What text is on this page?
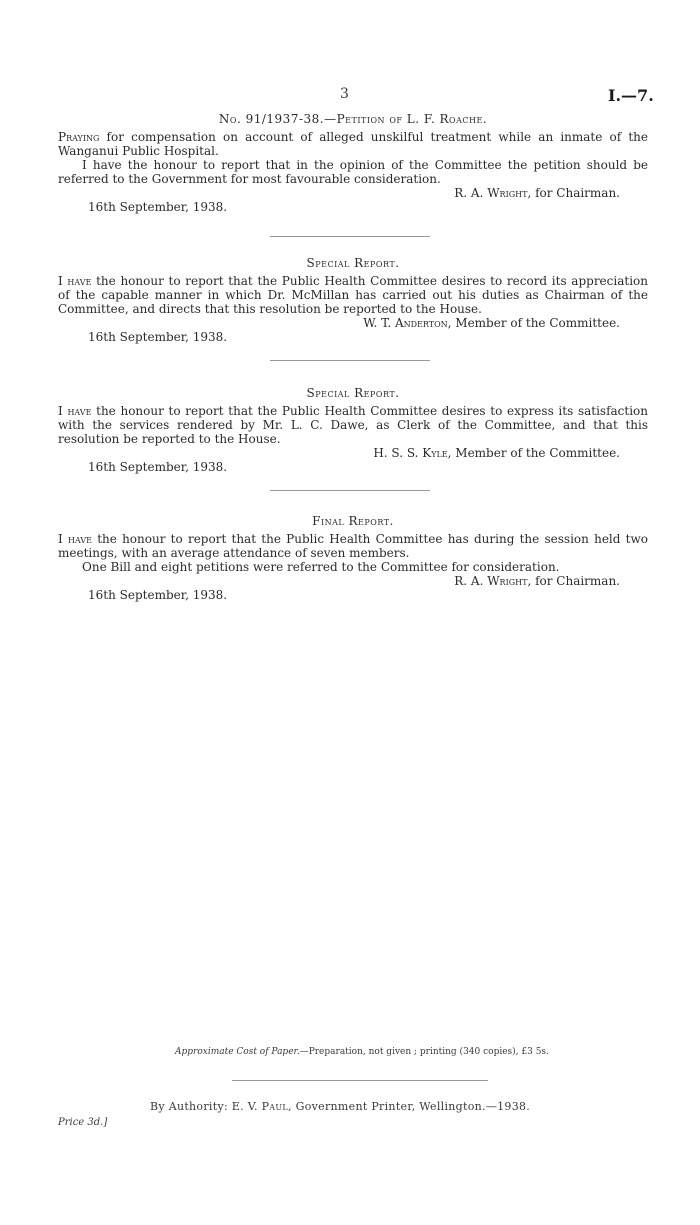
3	I.—7.

No. 91/1937-38.—Petition of L. F. Roache.

Praying for compensation on account of alleged unskilful treatment while an inmate of the Wanganui Public Hospital.

I have the honour to report that in the opinion of the Committee the petition should be referred to the Government for most favourable consideration.

R. A. Wright, for Chairman.

16th September, 1938.

Special Report.

I have the honour to report that the Public Health Committee desires to record its appreciation of the capable manner in which Dr. McMillan has carried out his duties as Chairman of the Committee, and directs that this resolution be reported to the House.

W. T. Anderton, Member of the Committee.

16th September, 1938.

Special Report.

I have the honour to report that the Public Health Committee desires to express its satisfaction with the services rendered by Mr. L. C. Dawe, as Clerk of the Committee, and that this resolution be reported to the House.

H. S. S. Kyle, Member of the Committee.

16th September, 1938.

Final Report.

I have the honour to report that the Public Health Committee has during the session held two meetings, with an average attendance of seven members.

One Bill and eight petitions were referred to the Committee for consideration.

R. A. Wright, for Chairman.

16th September, 1938.

Approximate Cost of Paper.—Preparation, not given ; printing (340 copies), £3 5s.
By Authority: E. V. Paul, Government Printer, Wellington.—1938.
Price 3d.]
